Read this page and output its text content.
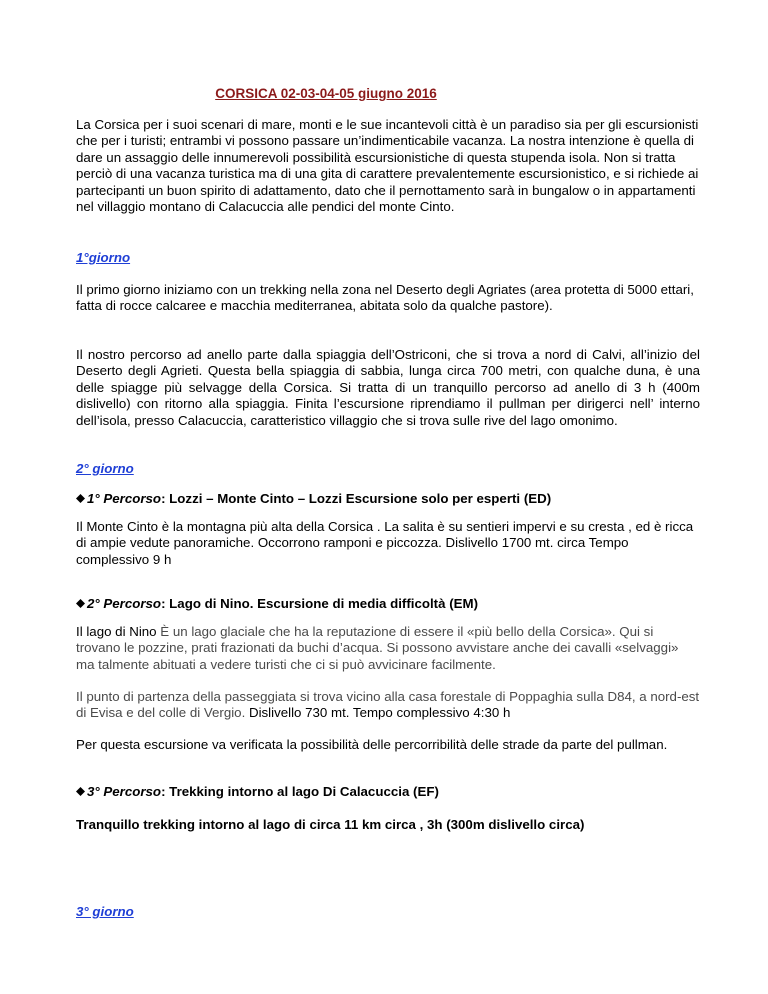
CORSICA 02-03-04-05 giugno 2016

La Corsica per i suoi scenari di mare, monti e le sue incantevoli città è un paradiso sia per gli escursionisti che per i turisti; entrambi vi possono passare un’indimenticabile vacanza. La nostra intenzione è quella di dare un assaggio delle innumerevoli possibilità escursionistiche di questa stupenda isola. Non si tratta perciò di una vacanza turistica ma di una gita di carattere prevalentemente escursionistico, e si richiede ai partecipanti un buon spirito di adattamento, dato che il pernottamento sarà in bungalow o in appartamenti nel villaggio montano di Calacuccia alle pendici del monte Cinto.

1°giorno

Il primo giorno iniziamo con un trekking nella zona nel Deserto degli Agriates (area protetta di 5000 ettari, fatta di rocce calcaree e macchia mediterranea, abitata solo da qualche pastore).

Il nostro percorso ad anello parte dalla spiaggia dell’Ostriconi, che si trova a nord di Calvi, all’inizio del Deserto degli Agrieti. Questa bella spiaggia di sabbia, lunga circa 700 metri, con qualche duna, è una delle spiagge più selvagge della Corsica. Si tratta di un tranquillo percorso ad anello di 3 h (400m dislivello) con ritorno alla spiaggia. Finita l’escursione riprendiamo il pullman per dirigerci nell’ interno dell’isola, presso Calacuccia, caratteristico villaggio che si trova sulle rive del lago omonimo.

2° giorno
1° Percorso: Lozzi – Monte Cinto – Lozzi Escursione solo per esperti (ED)

Il Monte Cinto è la montagna più alta della Corsica . La salita è su sentieri impervi e su cresta , ed è ricca di ampie vedute panoramiche. Occorrono ramponi e piccozza. Dislivello 1700 mt. circa Tempo complessivo 9 h

2° Percorso: Lago di Nino. Escursione di media difficoltà (EM)

Il lago di Nino È un lago glaciale che ha la reputazione di essere il «più bello della Corsica». Qui si trovano le pozzine, prati frazionati da buchi d’acqua. Si possono avvistare anche dei cavalli «selvaggi» ma talmente abituati a vedere turisti che ci si può avvicinare facilmente.

Il punto di partenza della passeggiata si trova vicino alla casa forestale di Poppaghia sulla D84, a nord-est di Evisa e del colle di Vergio. Dislivello 730 mt. Tempo complessivo 4:30 h

Per questa escursione va verificata la possibilità delle percorribilità delle strade da parte del pullman.

3° Percorso: Trekking intorno al lago Di Calacuccia (EF)

Tranquillo trekking intorno al lago di circa 11 km circa , 3h (300m dislivello circa)

3° giorno
